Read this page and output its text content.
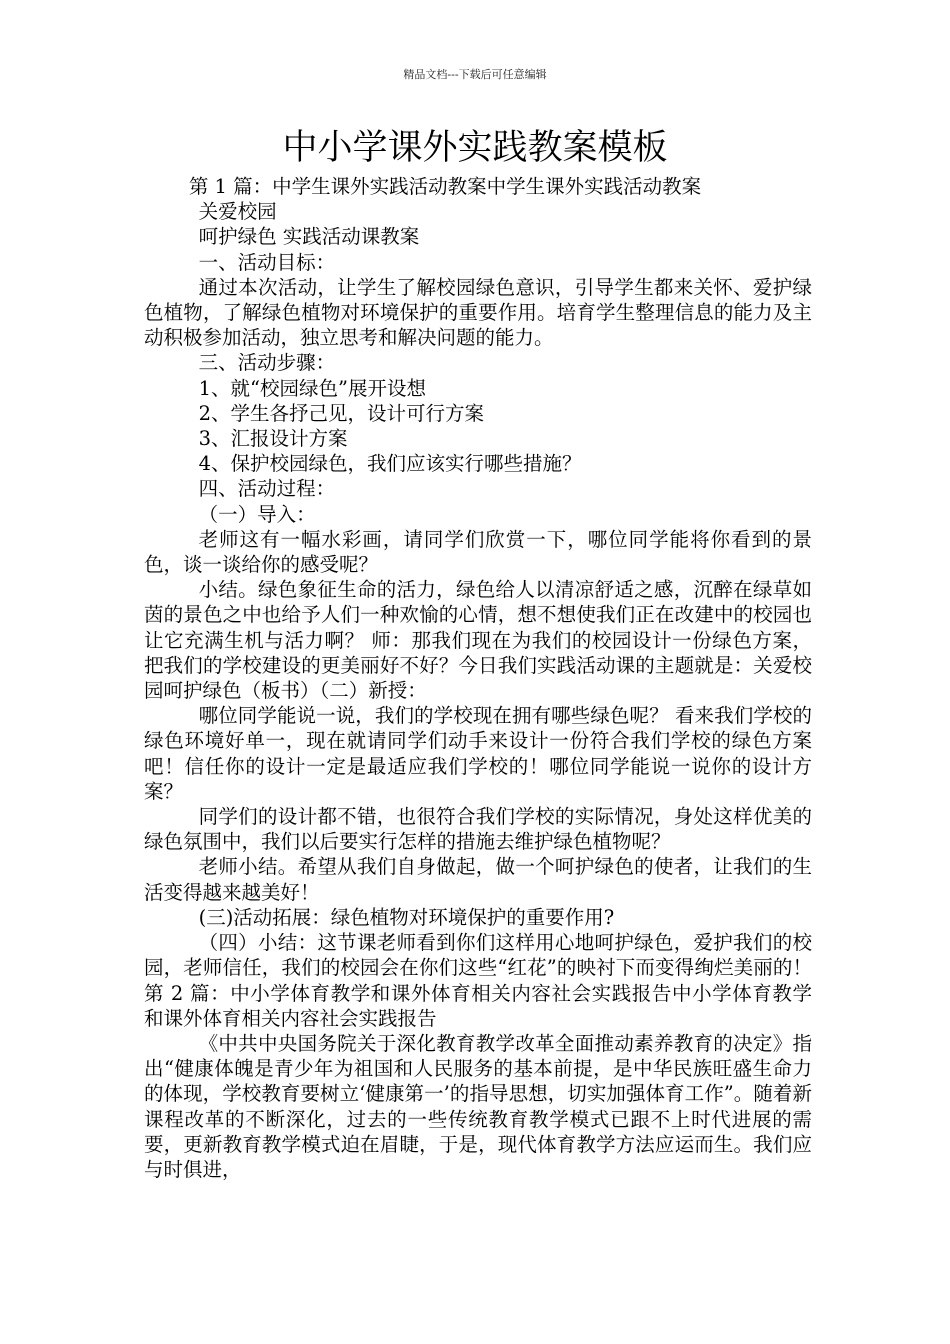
精品文档---下载后可任意编辑
中小学课外实践教案模板

第 1 篇：中学生课外实践活动教案中学生课外实践活动教案

关爱校园

呵护绿色 实践活动课教案

一、活动目标：

通过本次活动，让学生了解校园绿色意识，引导学生都来关怀、爱护绿色植物，了解绿色植物对环境保护的重要作用。培育学生整理信息的能力及主动积极参加活动，独立思考和解决问题的能力。

三、活动步骤：

1、就“校园绿色”展开设想

2、学生各抒己见，设计可行方案

3、汇报设计方案

4、保护校园绿色，我们应该实行哪些措施？

四、活动过程：

（一）导入：

老师这有一幅水彩画，请同学们欣赏一下，哪位同学能将你看到的景色，谈一谈给你的感受呢？

小结。绿色象征生命的活力，绿色给人以清凉舒适之感，沉醉在绿草如茵的景色之中也给予人们一种欢愉的心情，想不想使我们正在改建中的校园也让它充满生机与活力啊？ 师：那我们现在为我们的校园设计一份绿色方案，把我们的学校建设的更美丽好不好？今日我们实践活动课的主题就是：关爱校园呵护绿色（板书）（二）新授：

哪位同学能说一说，我们的学校现在拥有哪些绿色呢？ 看来我们学校的绿色环境好单一，现在就请同学们动手来设计一份符合我们学校的绿色方案吧！信任你的设计一定是最适应我们学校的！哪位同学能说一说你的设计方案？

同学们的设计都不错，也很符合我们学校的实际情况，身处这样优美的绿色氛围中，我们以后要实行怎样的措施去维护绿色植物呢？

老师小结。希望从我们自身做起，做一个呵护绿色的使者，让我们的生活变得越来越美好！

(三)活动拓展：绿色植物对环境保护的重要作用?

（四）小结：这节课老师看到你们这样用心地呵护绿色，爱护我们的校园，老师信任，我们的校园会在你们这些“红花”的映衬下而变得绚烂美丽的！第 2 篇：中小学体育教学和课外体育相关内容社会实践报告中小学体育教学和课外体育相关内容社会实践报告

《中共中央国务院关于深化教育教学改革全面推动素养教育的决定》指出“健康体魄是青少年为祖国和人民服务的基本前提，是中华民族旺盛生命力的体现，学校教育要树立‘健康第一’的指导思想，切实加强体育工作”。随着新课程改革的不断深化，过去的一些传统教育教学模式已跟不上时代进展的需要，更新教育教学模式迫在眉睫，于是，现代体育教学方法应运而生。我们应与时俱进，
